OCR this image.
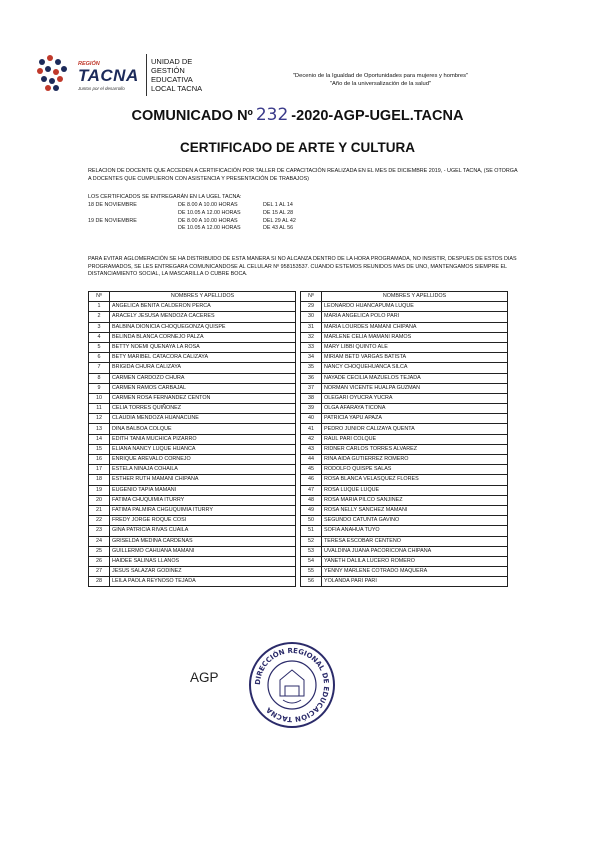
REGIÓN
TACNA
Juntos por el desarrollo
UNIDAD DE
GESTIÓN
EDUCATIVA
LOCAL TACNA
"Decenio de la Igualdad de Oportunidades para mujeres y hombres"
"Año de la universalización de la salud"
COMUNICADO Nº 232 -2020-AGP-UGEL.TACNA
CERTIFICADO DE ARTE Y CULTURA
RELACION DE DOCENTE QUE ACCEDEN A CERTIFICACIÓN POR TALLER DE CAPACITACIÓN REALIZADA EN EL MES DE DICIEMBRE 2019, - UGEL TACNA, (SE OTORGA A DOCENTES QUE CUMPLIERON CON ASISTENCIA Y PRESENTACIÓN DE TRABAJOS)
LOS CERTIFICADOS SE ENTREGARÁN EN LA UGEL TACNA:
18 DE NOVIEMBRE	DE 8.00 A 10.00 HORAS	DEL 1 AL 14
	DE 10.05 A 12.00 HORAS	DE 15 AL 28
19 DE NOVIEMBRE	DE 8.00 A 10.00 HORAS	DEL 29 AL 42
	DE 10.05 A 12.00 HORAS	DE 43 AL 56
PARA EVITAR AGLOMERACIÓN SE HA DISTRIBUIDO DE ESTA MANERA SI NO ALCANZA DENTRO DE LA HORA PROGRAMADA, NO INSISTIR, DESPUES DE ESTOS DIAS PROGRAMADOS, SE LES ENTREGARA COMUNICANDOSE AL CELULAR Nº 958153537. CUANDO ESTEMOS REUNIDOS MAS DE UNO, MANTENGAMOS SIEMPRE EL DISTANCIAMIENTO SOCIAL, LA MASCARILLA O CUBRE BOCA.
Nº	NOMBRES Y APELLIDOS		Nº	NOMBRES Y APELLIDOS
1	ANGELICA BENITA CALDERON PERCA		29	LEONARDO HUANCAPUMA LUQUE
2	ARACELY JESUSA MENDOZA CACERES		30	MARIA ANGELICA POLO PARI
3	BALBINA DIONICIA CHOQUEGONZA QUISPE		31	MARIA LOURDES MAMANI CHIPANA
4	BELINDA BLANCA CORNEJO PALZA		32	MARLENE CELIA MAMANI RAMOS
5	BETTY NOEMI QUENAYA LA ROSA		33	MARY LIBBI QUINTO ALE
6	BETY MARIBEL CATACORA CALIZAYA		34	MIRIAM BETD VARGAS BATISTA
7	BRIGIDA CHURA CALIZAYA		35	NANCY CHOQUEHUANCA SILCA
8	CARMEN CARDOZO CHURA		36	NAYADE CECILIA MAZUELOS TEJADA
9	CARMEN RAMOS CARBAJAL		37	NORMAN VICENTE HUALPA GUZMAN
10	CARMEN ROSA FERNANDEZ CENTON		38	OLEGARI OYUCRA YUCRA
11	CELIA TORRES QUIÑONEZ		39	OLGA AFARAYA TICONA
12	CLAUDIA MENDOZA HUANACUNE		40	PATRICIA YAPU APAZA
13	DINA BALBOA COLQUE		41	PEDRO JUNIOR CALIZAYA QUENTA
14	EDITH TANIA MUCHICA PIZARRO		42	RAUL PARI COLQUE
15	ELIANA NANCY LUQUE HUANCA		43	RIDNER CARLOS TORRES ALVAREZ
16	ENRIQUE AREVALO CORNEJO		44	RINA AIDA GUTIERREZ ROMERO
17	ESTELA NINAJA COHAILA		45	RODOLFO QUISPE SALAS
18	ESTHER RUTH MAMANI CHIPANA		46	ROSA BLANCA VELASQUEZ FLORES
19	EUGENIO TAPIA MAMANI		47	ROSA LUQUE LUQUE
20	FATIMA CHUQUIMIA ITURRY		48	ROSA MARIA PILCO SANJINEZ
21	FATIMA PALMIRA CHGUQUIMIA ITURRY		49	ROSA NELLY SANCHEZ MAMANI
22	FREDY JORGE ROQUE COSI		50	SEGUNDO CATUNTA GAVINO
23	GINA PATRICIA RIVAS CUAILA		51	SOFIA ANAHUA TUYO
24	GRISELDA MEDINA CARDENAS		52	TERESA ESCOBAR CENTENO
25	GUILLERMO CAHUANA MAMANI		53	UVALDINA JUANA PACORICONA CHIPANA
26	HAIDEE SALINAS LLANOS		54	YANETH DALILA LUCERO ROMERO
27	JESUS SALAZAR GODINEZ		55	YENNY MARLENE COTRADO MAQUERA
28	LEILA PAOLA REYNOSO TEJADA		56	YOLANDA PARI PARI
AGP	DIRECCIÓN REGIONAL DE EDUCACIÓN TACNA
